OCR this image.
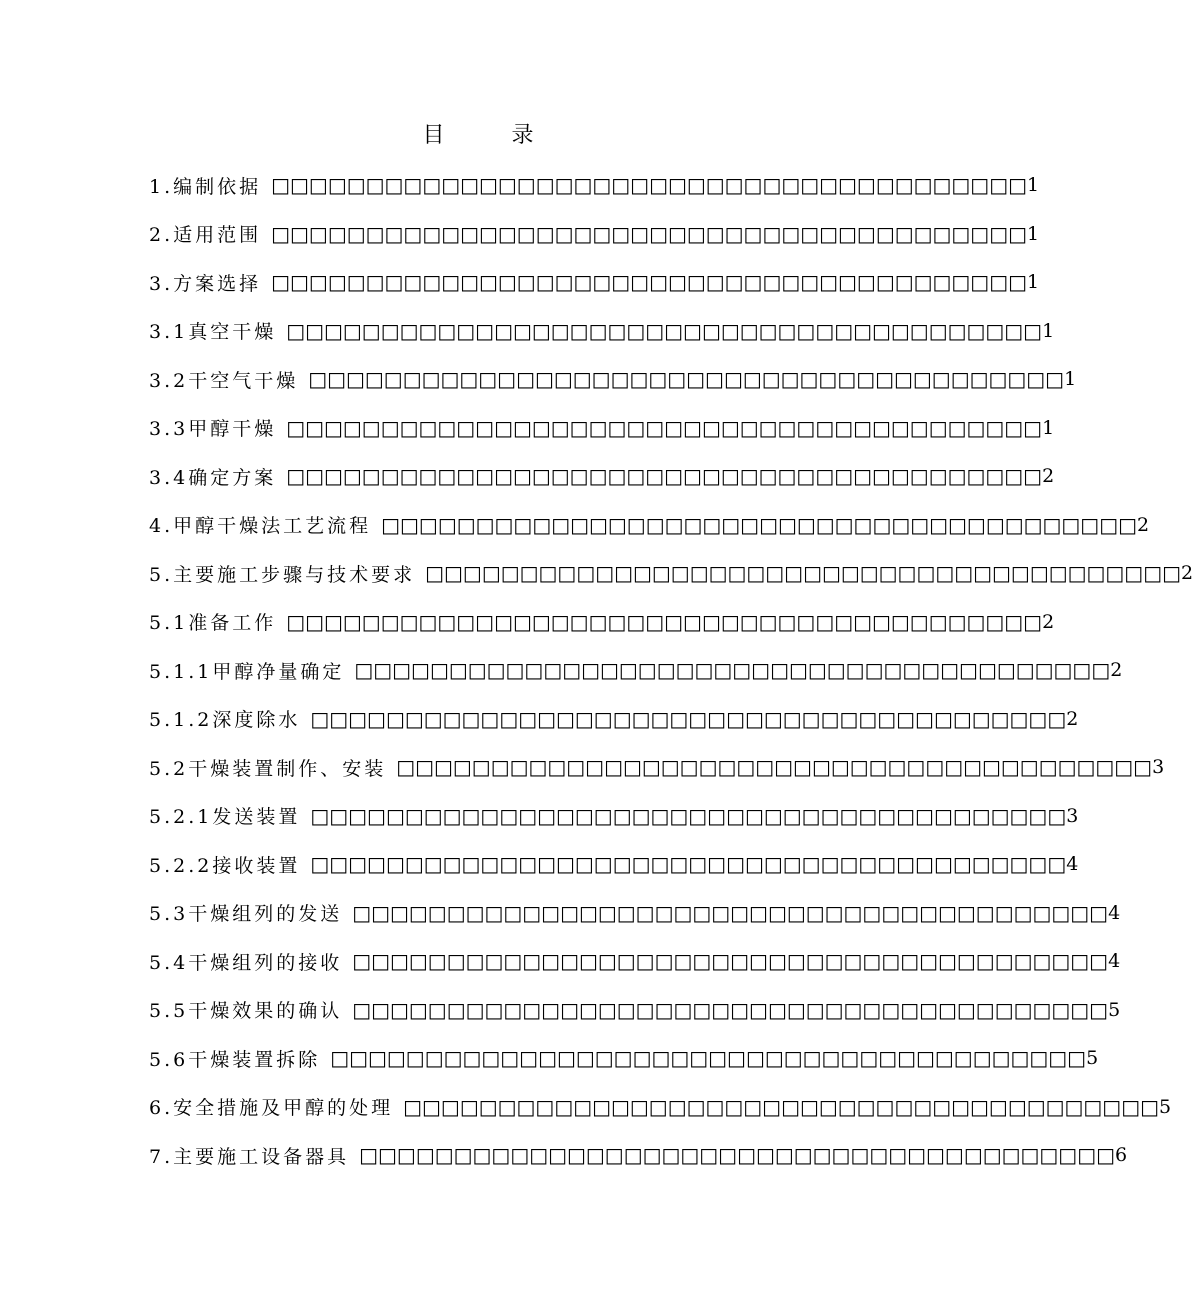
目 录
1.编制依据 □□□□□□□□□□□□□□□□□□□□□□□□□□□□□□□□□□□□□□□□ 1
2.适用范围 □□□□□□□□□□□□□□□□□□□□□□□□□□□□□□□□□□□□□□□□ 1
3.方案选择 □□□□□□□□□□□□□□□□□□□□□□□□□□□□□□□□□□□□□□□□ 1
3.1真空干燥 □□□□□□□□□□□□□□□□□□□□□□□□□□□□□□□□□□□□□□□□ 1
3.2干空气干燥 □□□□□□□□□□□□□□□□□□□□□□□□□□□□□□□□□□□□□□□□ 1
3.3甲醇干燥 □□□□□□□□□□□□□□□□□□□□□□□□□□□□□□□□□□□□□□□□ 1
3.4确定方案 □□□□□□□□□□□□□□□□□□□□□□□□□□□□□□□□□□□□□□□□ 2
4.甲醇干燥法工艺流程 □□□□□□□□□□□□□□□□□□□□□□□□□□□□□□□□□□□□□□□□ 2
5.主要施工步骤与技术要求 □□□□□□□□□□□□□□□□□□□□□□□□□□□□□□□□□□□□□□□□ 2
5.1准备工作 □□□□□□□□□□□□□□□□□□□□□□□□□□□□□□□□□□□□□□□□ 2
5.1.1甲醇净量确定 □□□□□□□□□□□□□□□□□□□□□□□□□□□□□□□□□□□□□□□□ 2
5.1.2深度除水 □□□□□□□□□□□□□□□□□□□□□□□□□□□□□□□□□□□□□□□□ 2
5.2干燥装置制作、安装 □□□□□□□□□□□□□□□□□□□□□□□□□□□□□□□□□□□□□□□□ 3
5.2.1发送装置 □□□□□□□□□□□□□□□□□□□□□□□□□□□□□□□□□□□□□□□□ 3
5.2.2接收装置 □□□□□□□□□□□□□□□□□□□□□□□□□□□□□□□□□□□□□□□□ 4
5.3干燥组列的发送 □□□□□□□□□□□□□□□□□□□□□□□□□□□□□□□□□□□□□□□□ 4
5.4干燥组列的接收 □□□□□□□□□□□□□□□□□□□□□□□□□□□□□□□□□□□□□□□□ 4
5.5干燥效果的确认 □□□□□□□□□□□□□□□□□□□□□□□□□□□□□□□□□□□□□□□□ 5
5.6干燥装置拆除 □□□□□□□□□□□□□□□□□□□□□□□□□□□□□□□□□□□□□□□□ 5
6.安全措施及甲醇的处理 □□□□□□□□□□□□□□□□□□□□□□□□□□□□□□□□□□□□□□□□ 5
7.主要施工设备器具 □□□□□□□□□□□□□□□□□□□□□□□□□□□□□□□□□□□□□□□□ 6
